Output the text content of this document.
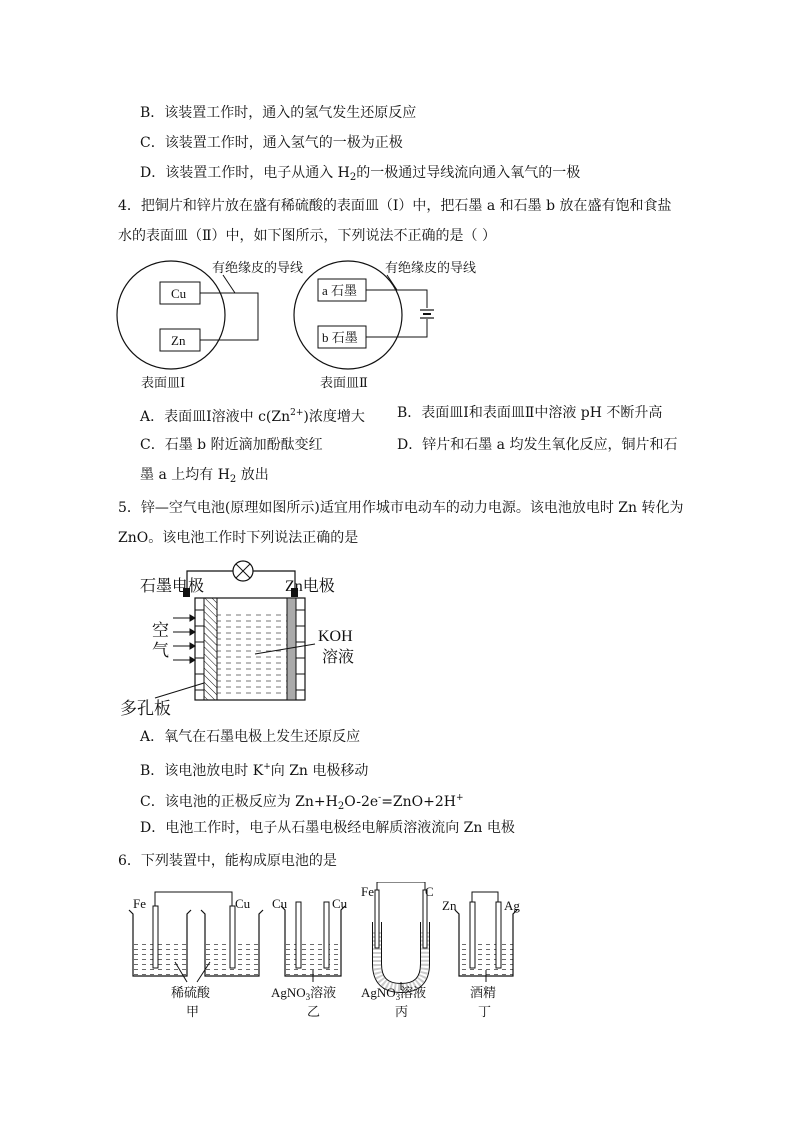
B．该装置工作时，通入的氢气发生还原反应
C．该装置工作时，通入氢气的一极为正极
D．该装置工作时，电子从通入 $H_2$的一极通过导线流向通入氧气的一极
4．把铜片和锌片放在盛有稀硫酸的表面皿（Ⅰ）中，把石墨 a 和石墨 b 放在盛有饱和食盐
水的表面皿（Ⅱ）中，如下图所示，下列说法不正确的是（ ）
Cu
Zn
有绝缘皮的导线
表面皿Ⅰ
a 石墨
b 石墨
有绝缘皮的导线
表面皿Ⅱ
A．表面皿Ⅰ溶液中 $c(Zn^{2+})$浓度增大 B．表面皿Ⅰ和表面皿Ⅱ中溶液 pH 不断升高
C．石墨 b 附近滴加酚酞变红	D．锌片和石墨 a 均发生氧化反应，铜片和石
墨 a 上均有 $H_2$ 放出
5．锌—空气电池(原理如图所示)适宜用作城市电动车的动力电源。该电池放电时 Zn 转化为
ZnO。该电池工作时下列说法正确的是
石墨电极	Zn电极
空
气
KOH
溶液
多孔板
A．氧气在石墨电极上发生还原反应
B．该电池放电时 K+向 Zn 电极移动
C．该电池的正极反应为 $Zn+H_2O-2e^-=ZnO+2H^+$
D．电池工作时，电子从石墨电极经电解质溶液流向 Zn 电极
6．下列装置中，能构成原电池的是
Fe	Cu
稀硫酸
甲
Cu	Cu
AgNO$_3$溶液
乙
Fe	C
AgNO$_3$溶液
丙
Zn	Ag
酒精
丁
